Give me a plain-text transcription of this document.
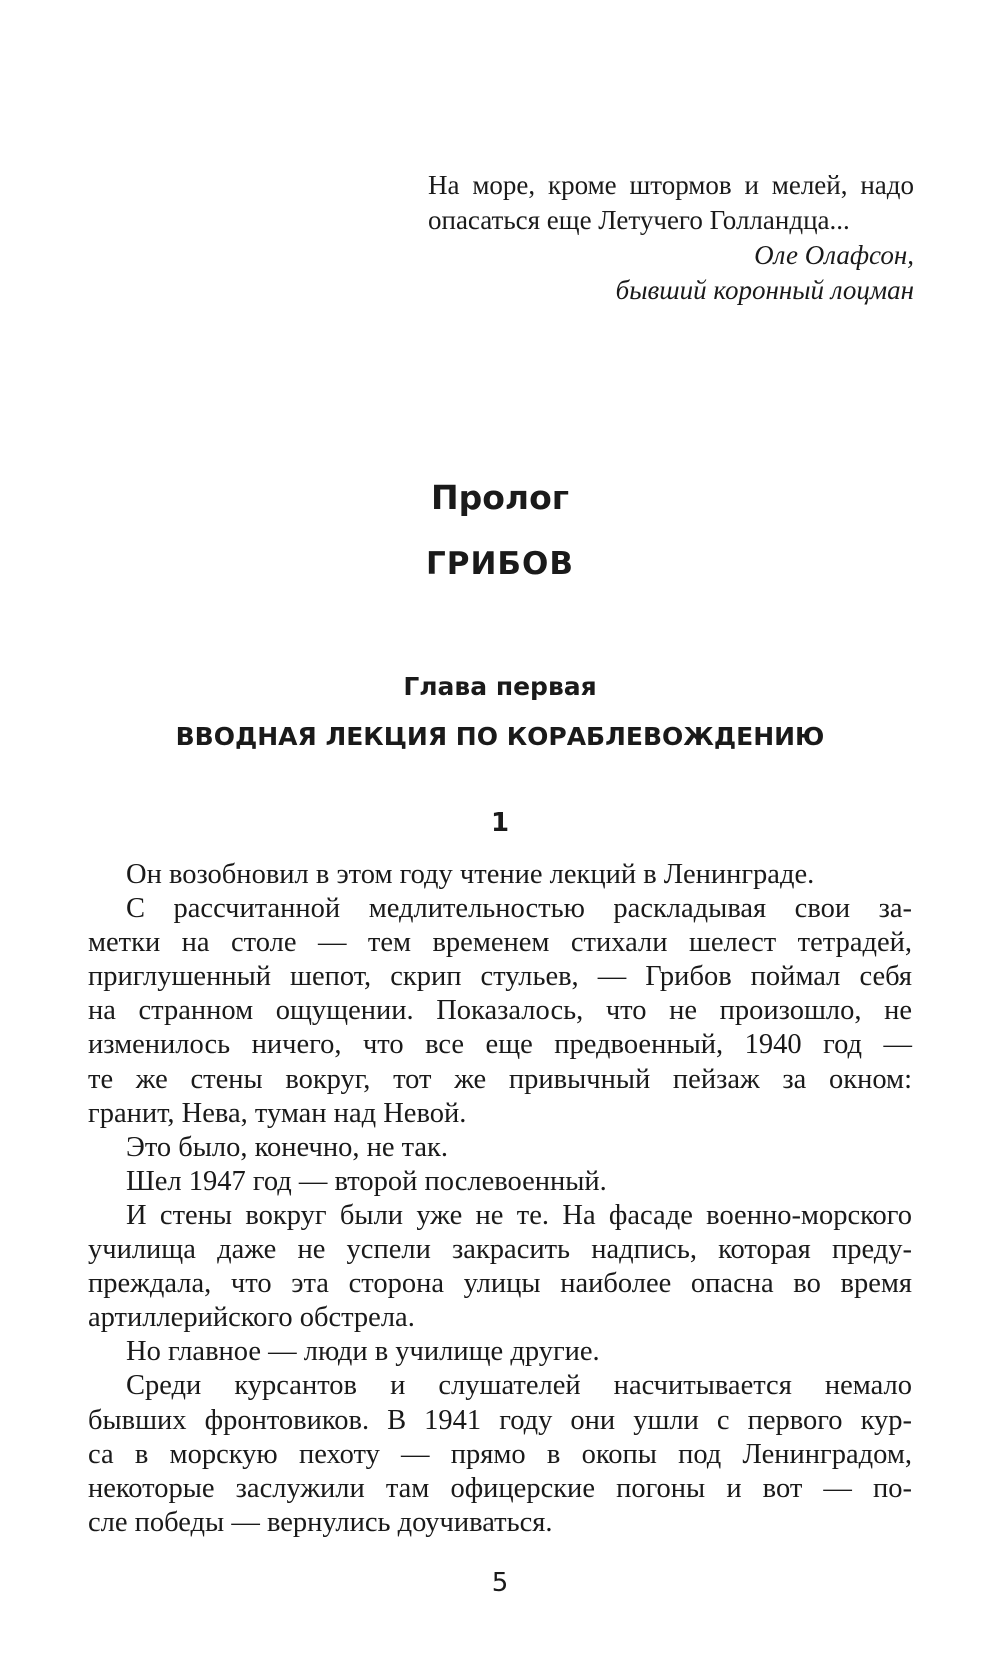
На море, кроме штормов и мелей, надо
опасаться еще Летучего Голландца...
Оле Олафсон,
бывший коронный лоцман
Пролог
ГРИБОВ
Глава первая
ВВОДНАЯ ЛЕКЦИЯ ПО КОРАБЛЕВОЖДЕНИЮ
1
Он возобновил в этом году чтение лекций в Ленинграде.
С рассчитанной медлительностью раскладывая свои за-
метки на столе — тем временем стихали шелест тетрадей,
приглушенный шепот, скрип стульев, — Грибов поймал себя
на странном ощущении. Показалось, что не произошло, не
изменилось ничего, что все еще предвоенный, 1940 год —
те же стены вокруг, тот же привычный пейзаж за окном:
гранит, Нева, туман над Невой.
Это было, конечно, не так.
Шел 1947 год — второй послевоенный.
И стены вокруг были уже не те. На фасаде военно-морского
училища даже не успели закрасить надпись, которая преду-
преждала, что эта сторона улицы наиболее опасна во время
артиллерийского обстрела.
Но главное — люди в училище другие.
Среди курсантов и слушателей насчитывается немало
бывших фронтовиков. В 1941 году они ушли с первого кур-
са в морскую пехоту — прямо в окопы под Ленинградом,
некоторые заслужили там офицерские погоны и вот — по-
сле победы — вернулись доучиваться.
5
